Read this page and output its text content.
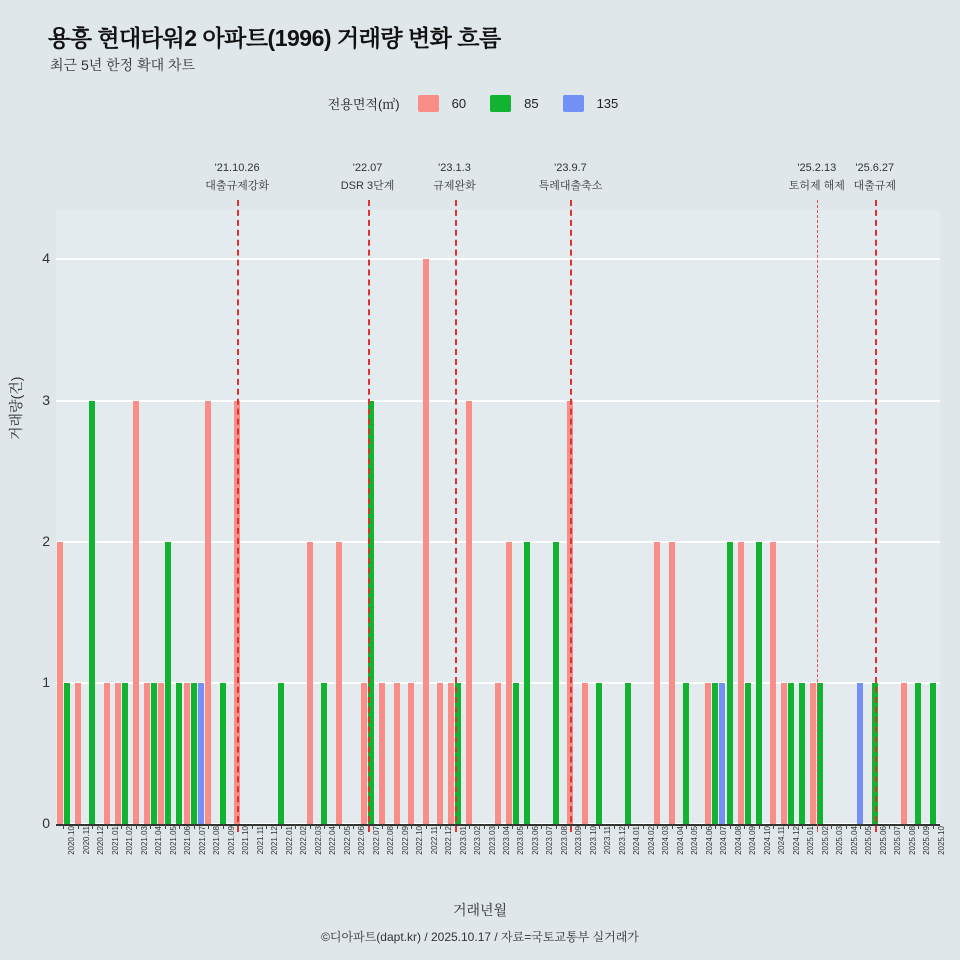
용흥 현대타워2 아파트(1996) 거래량 변화 흐름
최근 5년 한정 확대 차트
전용면적(㎡)	60	85	135
거래량(건)
0
1
2
3
4
2020.10 2020.11 2020.12 2021.01 2021.02 2021.03 2021.04 2021.05 2021.06 2021.07 2021.08 2021.09 2021.10 2021.11 2021.12 2022.01 2022.02 2022.03 2022.04 2022.05 2022.06 2022.07 2022.08 2022.09 2022.10 2022.11 2022.12 2023.01 2023.02 2023.03 2023.04 2023.05 2023.06 2023.07 2023.08 2023.09 2023.10 2023.11 2023.12 2024.01 2024.02 2024.03 2024.04 2024.05 2024.06 2024.07 2024.08 2024.09 2024.10 2024.11 2024.12 2025.01 2025.02 2025.03 2025.04 2025.05 2025.06 2025.07 2025.08 2025.09 2025.10
'21.10.26
대출규제강화
'22.07
DSR 3단계
'23.1.3
규제완화
'23.9.7
특례대출축소
'25.2.13
토허제 해제
'25.6.27
대출규제
거래년월
©디아파트(dapt.kr) / 2025.10.17 / 자료=국토교통부 실거래가
